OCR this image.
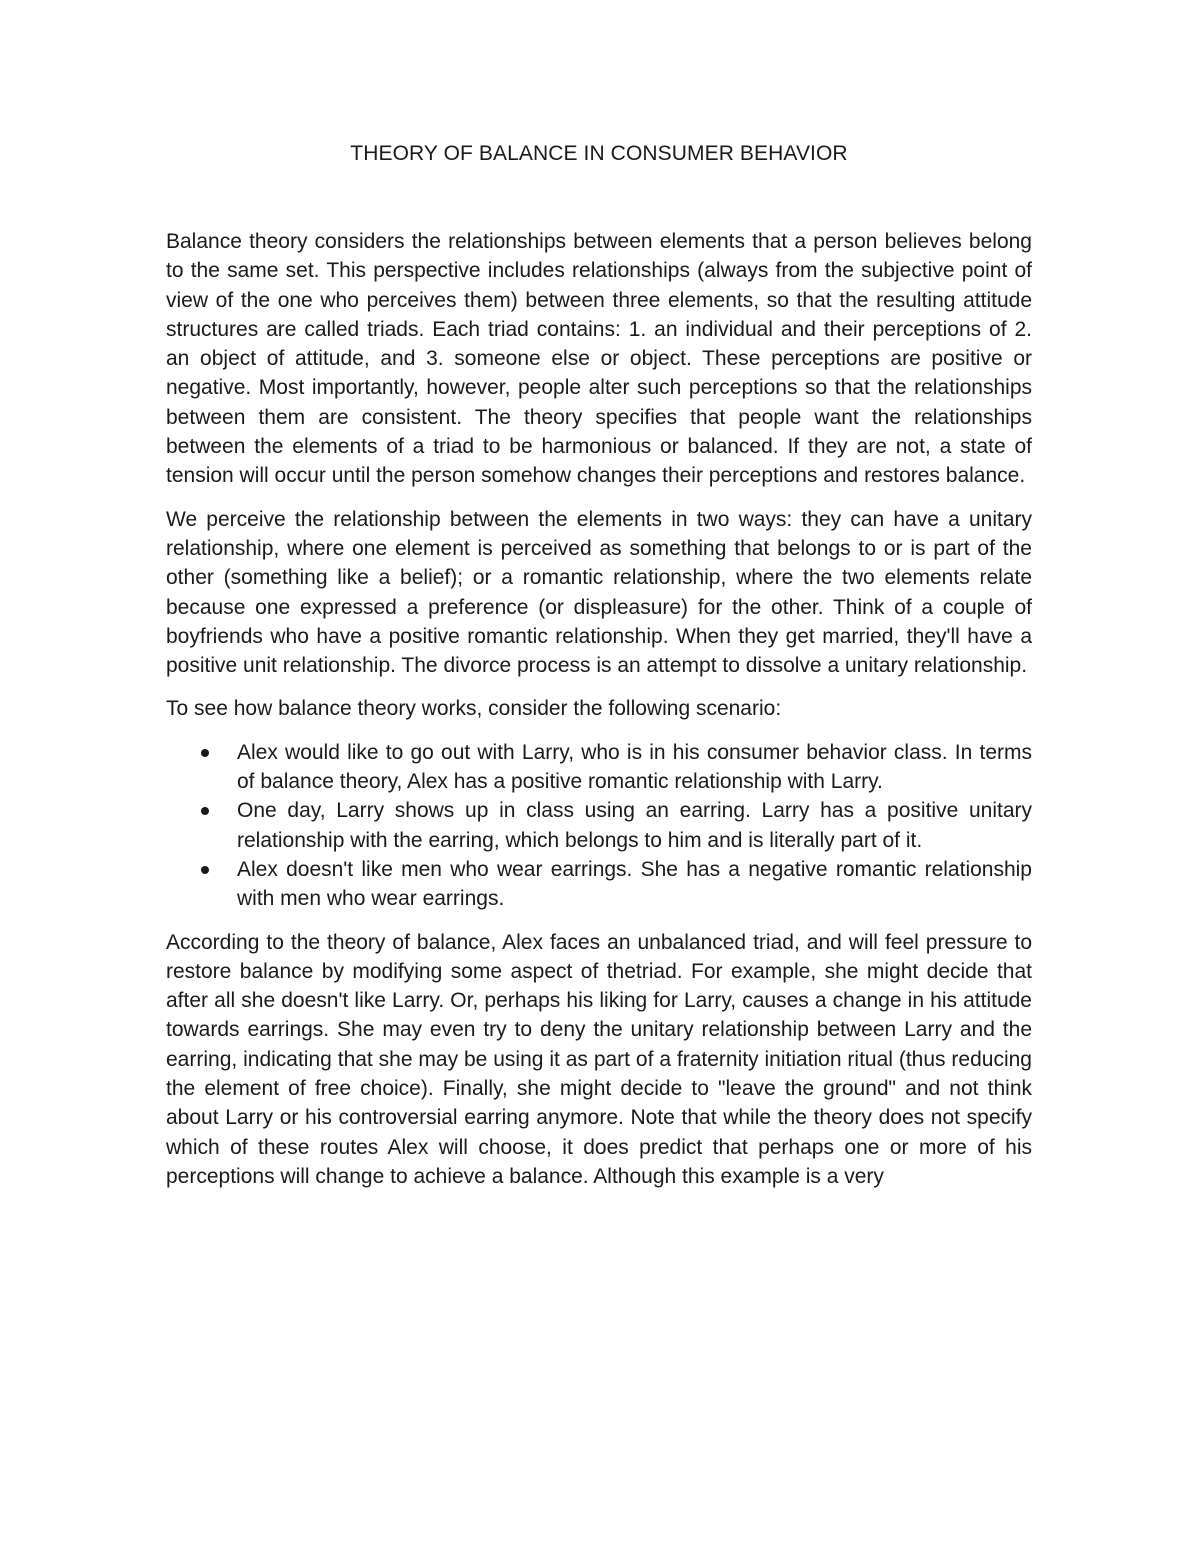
THEORY OF BALANCE IN CONSUMER BEHAVIOR

Balance theory considers the relationships between elements that a person believes belong to the same set. This perspective includes relationships (always from the subjective point of view of the one who perceives them) between three elements, so that the resulting attitude structures are called triads. Each triad contains: 1. an individual and their perceptions of 2. an object of attitude, and 3. someone else or object. These perceptions are positive or negative. Most importantly, however, people alter such perceptions so that the relationships between them are consistent. The theory specifies that people want the relationships between the elements of a triad to be harmonious or balanced. If they are not, a state of tension will occur until the person somehow changes their perceptions and restores balance.

We perceive the relationship between the elements in two ways: they can have a unitary relationship, where one element is perceived as something that belongs to or is part of the other (something like a belief); or a romantic relationship, where the two elements relate because one expressed a preference (or displeasure) for the other. Think of a couple of boyfriends who have a positive romantic relationship. When they get married, they'll have a positive unit relationship. The divorce process is an attempt to dissolve a unitary relationship.

To see how balance theory works, consider the following scenario:

Alex would like to go out with Larry, who is in his consumer behavior class. In terms of balance theory, Alex has a positive romantic relationship with Larry.
One day, Larry shows up in class using an earring. Larry has a positive unitary relationship with the earring, which belongs to him and is literally part of it.
Alex doesn't like men who wear earrings. She has a negative romantic relationship with men who wear earrings.

According to the theory of balance, Alex faces an unbalanced triad, and will feel pressure to restore balance by modifying some aspect of thetriad. For example, she might decide that after all she doesn't like Larry. Or, perhaps his liking for Larry, causes a change in his attitude towards earrings. She may even try to deny the unitary relationship between Larry and the earring, indicating that she may be using it as part of a fraternity initiation ritual (thus reducing the element of free choice). Finally, she might decide to "leave the ground" and not think about Larry or his controversial earring anymore. Note that while the theory does not specify which of these routes Alex will choose, it does predict that perhaps one or more of his perceptions will change to achieve a balance. Although this example is a very
